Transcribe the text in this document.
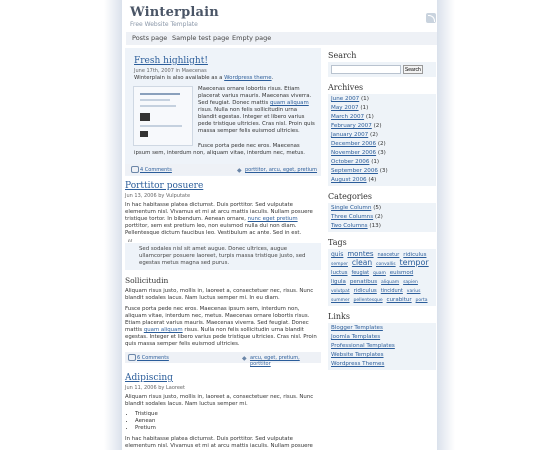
Winterplain
Free Website Template
Posts page Sample test page Empty page
Fresh highlight!
June 17th, 2007 in Maecenas
Winterplain is also available as a Wordpress theme.
Maecenas ornare lobortis risus. Etiam placerat varius mauris. Maecenas viverra. Sed feugiat. Donec mattis quam aliquam risus. Nulla non felis sollicitudin urna blandit egestas. Integer et libero varius pede tristique ultricies. Cras nisl. Proin quis massa semper felis euismod ultricies.
Fusce porta pede nec eros. Maecenas ipsum sem, interdum non, aliquam vitae, interdum nec, metus.
4 Comments	◆ porttitor, arcu, eget, pretium
Porttitor posuere
Jun 13, 2006 by Vulputate
In hac habitasse platea dictumst. Duis porttitor. Sed vulputate elementum nisl. Vivamus et mi at arcu mattis iaculis. Nullam posuere tristique tortor. In bibendum. Aenean ornare, nunc eget pretium porttitor, sem est pretium leo, non euismod nulla dui non diam. Pellentesque dictum faucibus leo. Vestibulum ac ante. Sed in est.
“ Sed sodales nisl sit amet augue. Donec ultrices, augue ullamcorper posuere laoreet, turpis massa tristique justo, sed egestas metus magna sed purus.
Sollicitudin
Aliquam risus justo, mollis in, laoreet a, consectetuer nec, risus. Nunc blandit sodales lacus. Nam luctus semper mi. In eu diam.
Fusce porta pede nec eros. Maecenas ipsum sem, interdum non, aliquam vitae, interdum nec, metus. Maecenas ornare lobortis risus. Etiam placerat varius mauris. Maecenas viverra. Sed feugiat. Donec mattis quam aliquam risus. Nulla non felis sollicitudin urna blandit egestas. Integer et libero varius pede tristique ultricies. Cras nisl. Proin quis massa semper felis euismod ultricies.
6 Comments	◆ arcu, eget, pretium, porttitor
Adipiscing
Jun 11, 2006 by Laoreet
Aliquam risus justo, mollis in, laoreet a, consectetuer nec, risus. Nunc blandit sodales lacus. Nam luctus semper mi.
• Tristique
• Aenean
• Pretium
In hac habitasse platea dictumst. Duis porttitor. Sed vulputate elementum nisl. Vivamus et mi at arcu mattis iaculis. Nullam posuere
Search
Search
Archives
June 2007 (1)
May 2007 (1)
March 2007 (1)
February 2007 (2)
January 2007 (2)
December 2006 (2)
November 2006 (3)
October 2006 (1)
September 2006 (3)
August 2006 (4)
Categories
Single Column (5)
Three Columns (2)
Two Columns (13)
Tags
quis montes nascetur ridiculus semper clean convallis tempor luctus feugiat quam euismod ligula penatibus aliquam sapien volutpat ridiculus tincidunt varius summer pellentesque curabitur porta
Links
Blogger Templates
Joomla Templates
Professional Templates
Website Templates
Wordpress Themes
